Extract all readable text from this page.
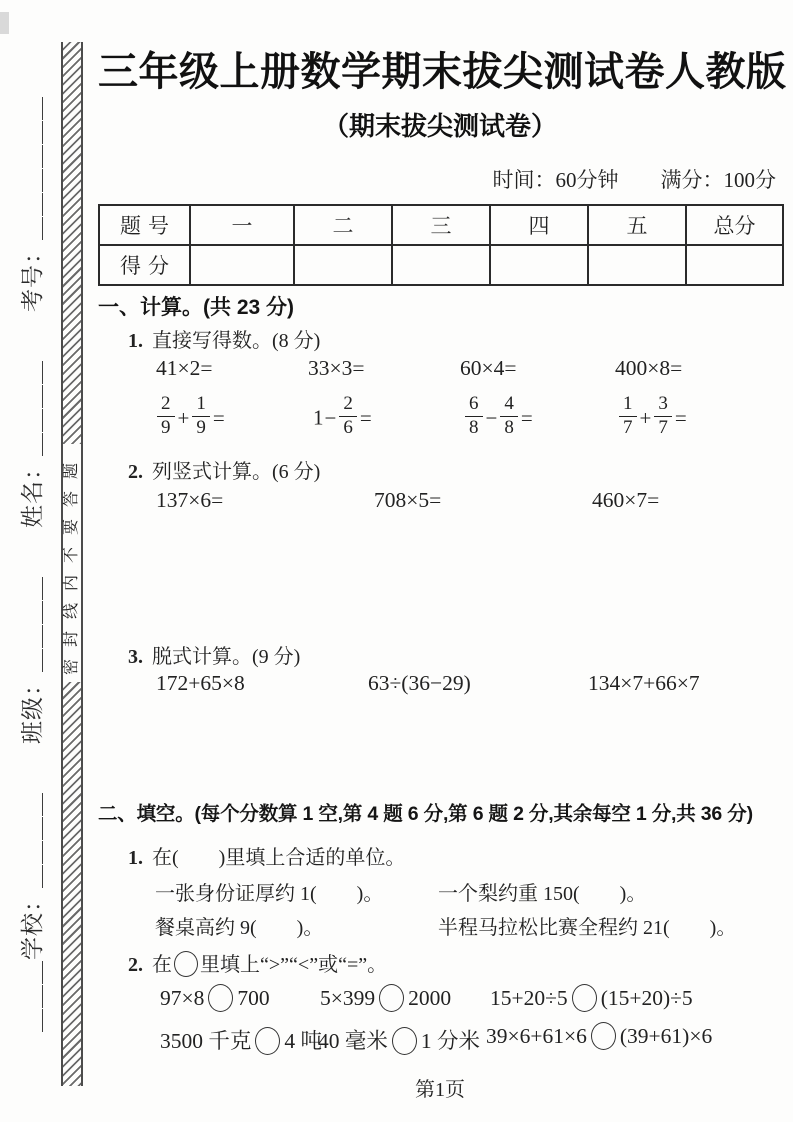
＿＿＿学校：＿＿＿＿　　班级：＿＿＿＿　　姓名：＿＿＿＿　　考号：＿＿＿＿＿＿ 密封线内不要答题
三年级上册数学期末拔尖测试卷人教版
（期末拔尖测试卷）
时间：60分钟　　满分：100分
题号	一	二	三	四	五	总分
得分						
一、计算。(共 23 分)
1. 直接写得数。(8 分)
41×2=	33×3=	60×4=	400×8=
$\frac{2}{9} + \frac{1}{9}$ =	$1- \frac{2}{6}$ =	$\frac{6}{8} - \frac{4}{8}$ =	$\frac{1}{7} + \frac{3}{7}$ =
2. 列竖式计算。(6 分)
137×6=	708×5=	460×7=
3. 脱式计算。(9 分)
172+65×8	63÷(36−29)	134×7+66×7
二、填空。(每个分数算 1 空,第 4 题 6 分,第 6 题 2 分,其余每空 1 分,共 36 分)
1. 在(　　)里填上合适的单位。
一张身份证厚约 1(　　)。	一个梨约重 150(　　)。
餐桌高约 9(　　)。	半程马拉松比赛全程约 21(　　)。
2. 在 里填上“>”“<”或“=”。
97×8 700 5×399 2000 15+20÷5 (15+20)÷5
3500 千克 4 吨
40 毫米 1 分米 39×6+61×6 (39+61)×6
第1页
